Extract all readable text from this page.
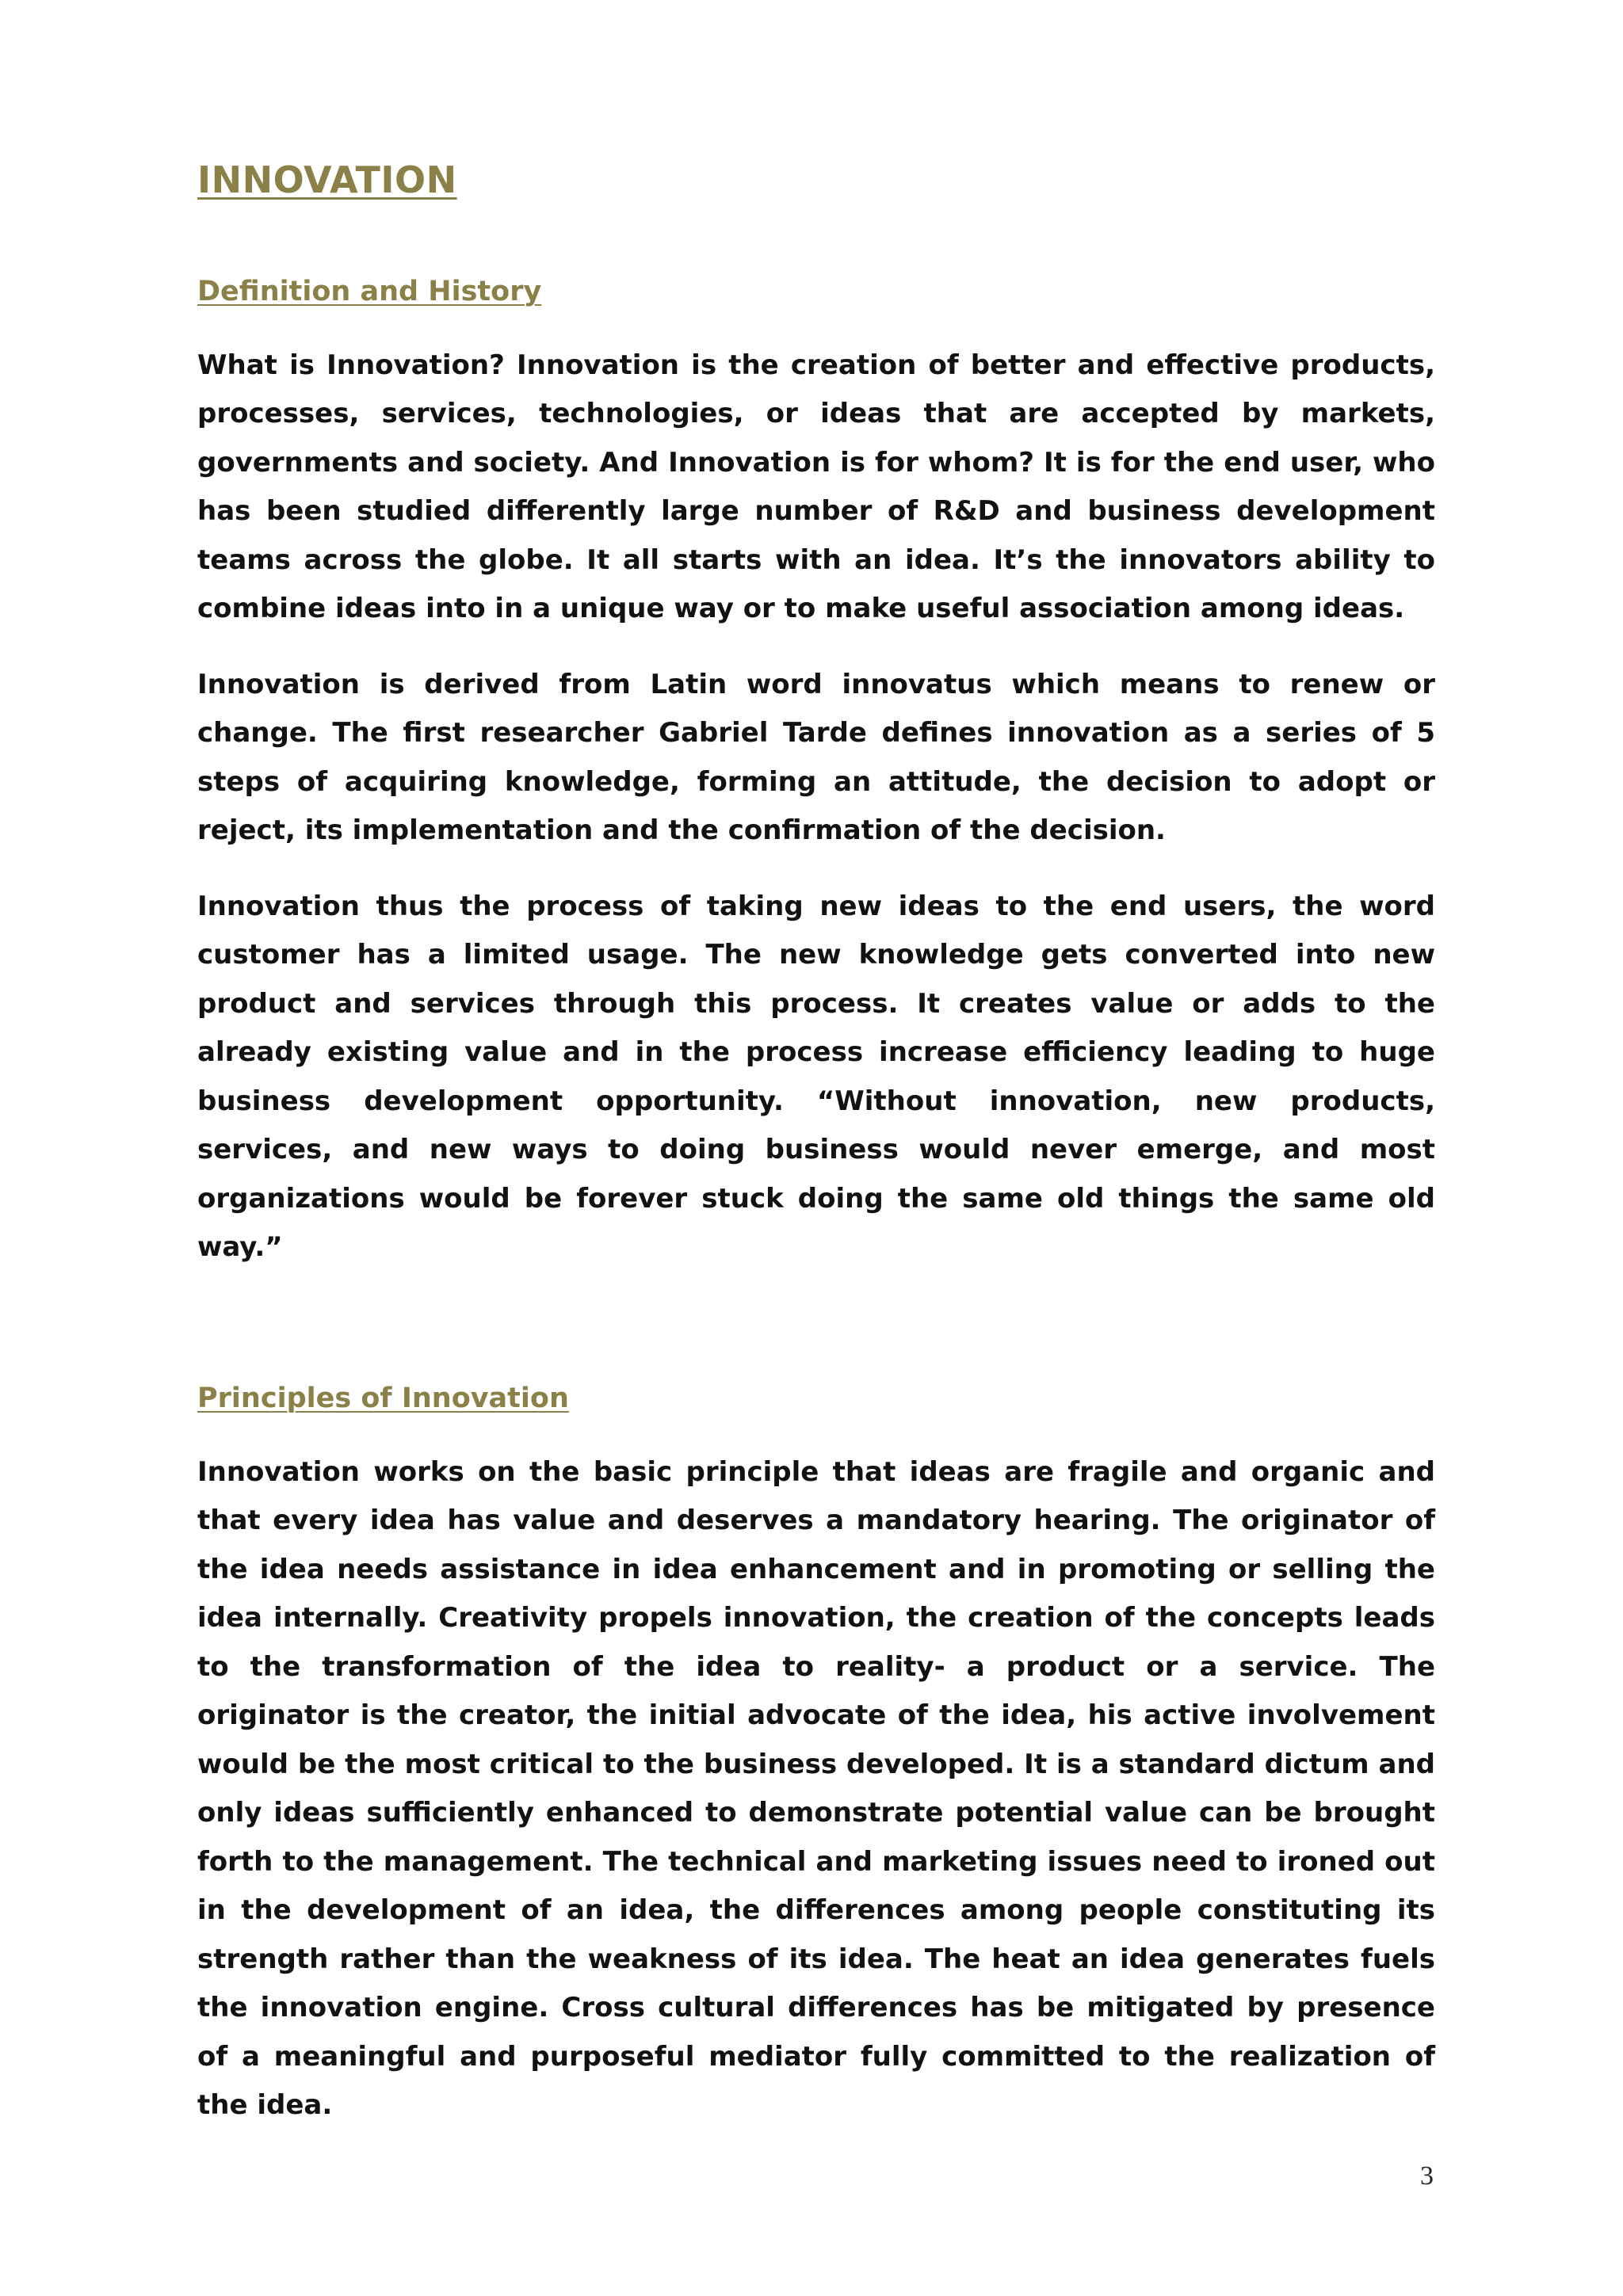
INNOVATION
Definition and History

What is Innovation? Innovation is the creation of better and effective products, processes, services, technologies, or ideas that are accepted by markets, governments and society. And Innovation is for whom? It is for the end user, who has been studied differently large number of R&D and business development teams across the globe. It all starts with an idea. It’s the innovators ability to combine ideas into in a unique way or to make useful association among ideas.

Innovation is derived from Latin word innovatus which means to renew or change. The first researcher Gabriel Tarde defines innovation as a series of 5 steps of acquiring knowledge, forming an attitude, the decision to adopt or reject, its implementation and the confirmation of the decision.

Innovation thus the process of taking new ideas to the end users, the word customer has a limited usage. The new knowledge gets converted into new product and services through this process. It creates value or adds to the already existing value and in the process increase efficiency leading to huge business development opportunity. “Without innovation, new products, services, and new ways to doing business would never emerge, and most organizations would be forever stuck doing the same old things the same old way.”

Principles of Innovation

Innovation works on the basic principle that ideas are fragile and organic and that every idea has value and deserves a mandatory hearing. The originator of the idea needs assistance in idea enhancement and in promoting or selling the idea internally. Creativity propels innovation, the creation of the concepts leads to the transformation of the idea to reality- a product or a service. The originator is the creator, the initial advocate of the idea, his active involvement would be the most critical to the business developed. It is a standard dictum and only ideas sufficiently enhanced to demonstrate potential value can be brought forth to the management. The technical and marketing issues need to ironed out in the development of an idea, the differences among people constituting its strength rather than the weakness of its idea. The heat an idea generates fuels the innovation engine. Cross cultural differences has be mitigated by presence of a meaningful and purposeful mediator fully committed to the realization of the idea.

3
